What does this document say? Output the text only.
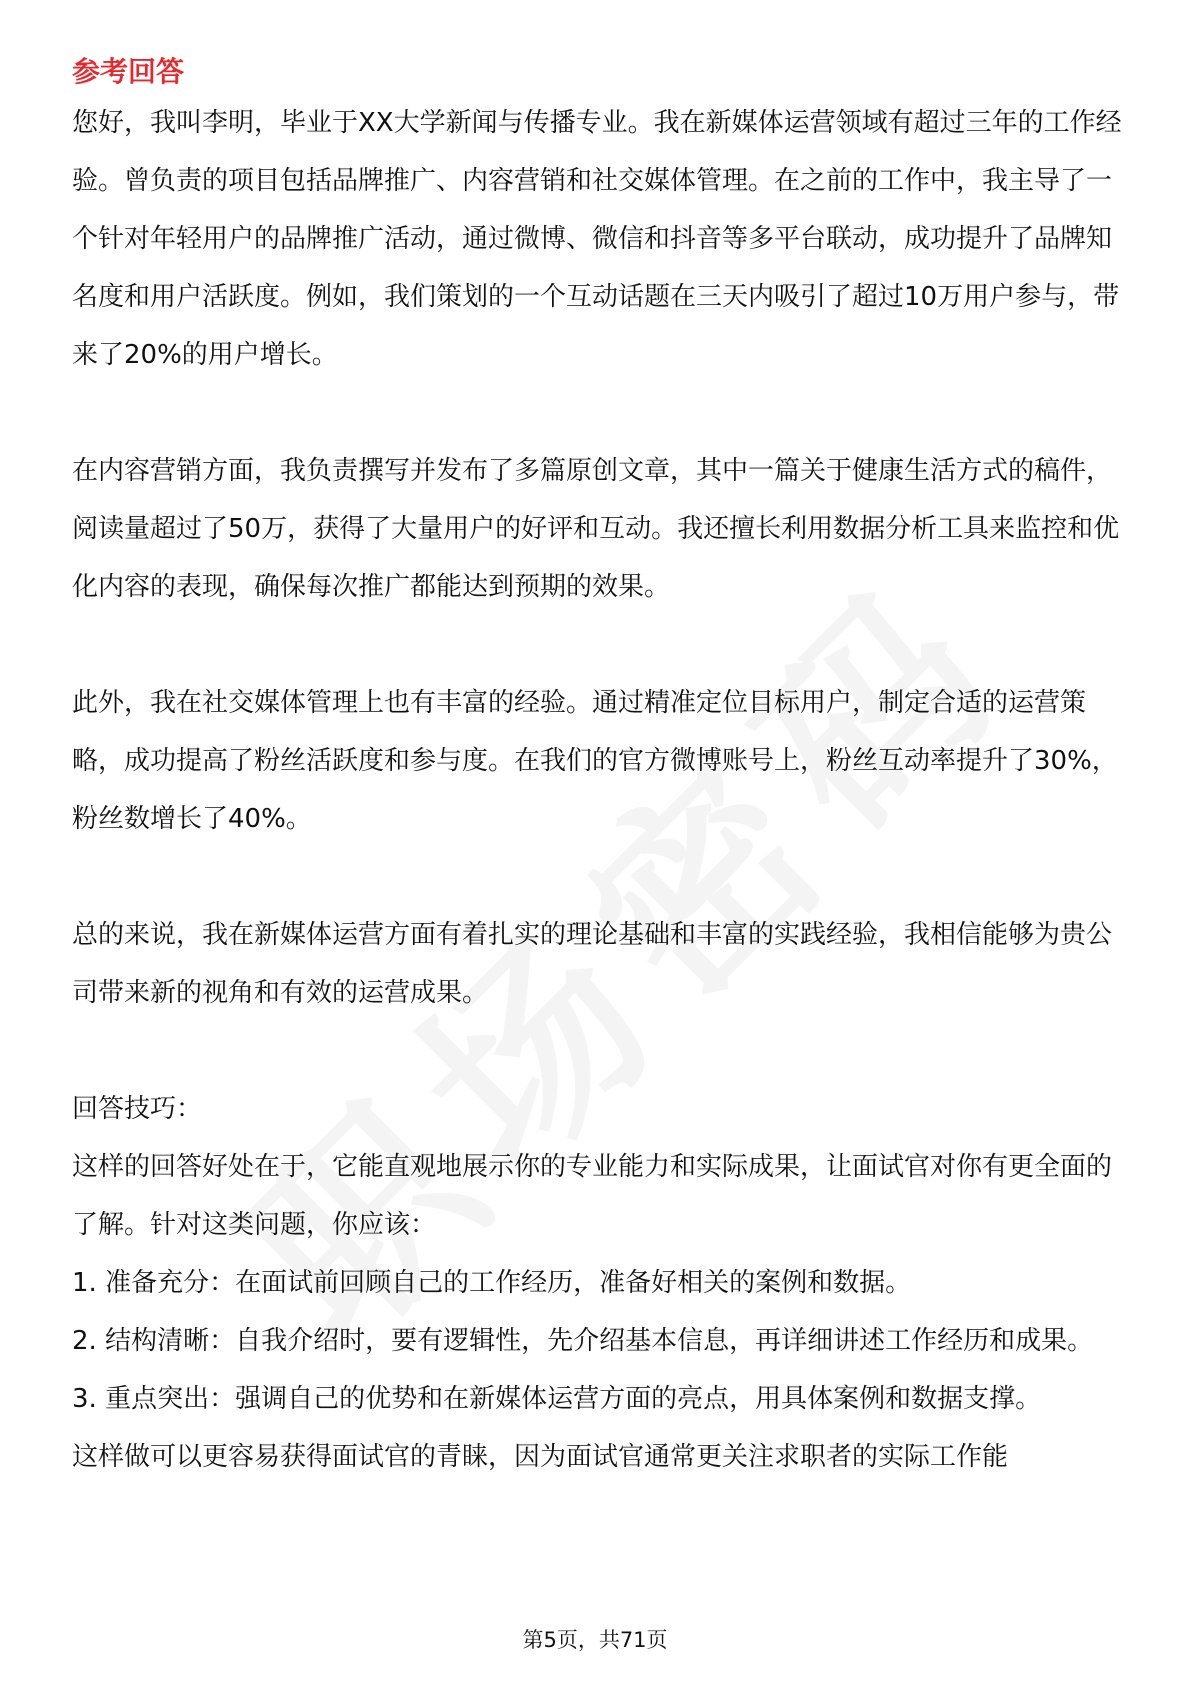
参考回答

您好，我叫李明，毕业于XX大学新闻与传播专业。我在新媒体运营领域有超过三年的工作经验。曾负责的项目包括品牌推广、内容营销和社交媒体管理。在之前的工作中，我主导了一个针对年轻用户的品牌推广活动，通过微博、微信和抖音等多平台联动，成功提升了品牌知名度和用户活跃度。例如，我们策划的一个互动话题在三天内吸引了超过10万用户参与，带来了20%的用户增长。

在内容营销方面，我负责撰写并发布了多篇原创文章，其中一篇关于健康生活方式的稿件，阅读量超过了50万，获得了大量用户的好评和互动。我还擅长利用数据分析工具来监控和优化内容的表现，确保每次推广都能达到预期的效果。

此外，我在社交媒体管理上也有丰富的经验。通过精准定位目标用户，制定合适的运营策略，成功提高了粉丝活跃度和参与度。在我们的官方微博账号上，粉丝互动率提升了30%，粉丝数增长了40%。

总的来说，我在新媒体运营方面有着扎实的理论基础和丰富的实践经验，我相信能够为贵公司带来新的视角和有效的运营成果。

回答技巧：

这样的回答好处在于，它能直观地展示你的专业能力和实际成果，让面试官对你有更全面的了解。针对这类问题，你应该：

1. 准备充分：在面试前回顾自己的工作经历，准备好相关的案例和数据。

2. 结构清晰：自我介绍时，要有逻辑性，先介绍基本信息，再详细讲述工作经历和成果。

3. 重点突出：强调自己的优势和在新媒体运营方面的亮点，用具体案例和数据支撑。

这样做可以更容易获得面试官的青睐，因为面试官通常更关注求职者的实际工作能

第5页，共71页
